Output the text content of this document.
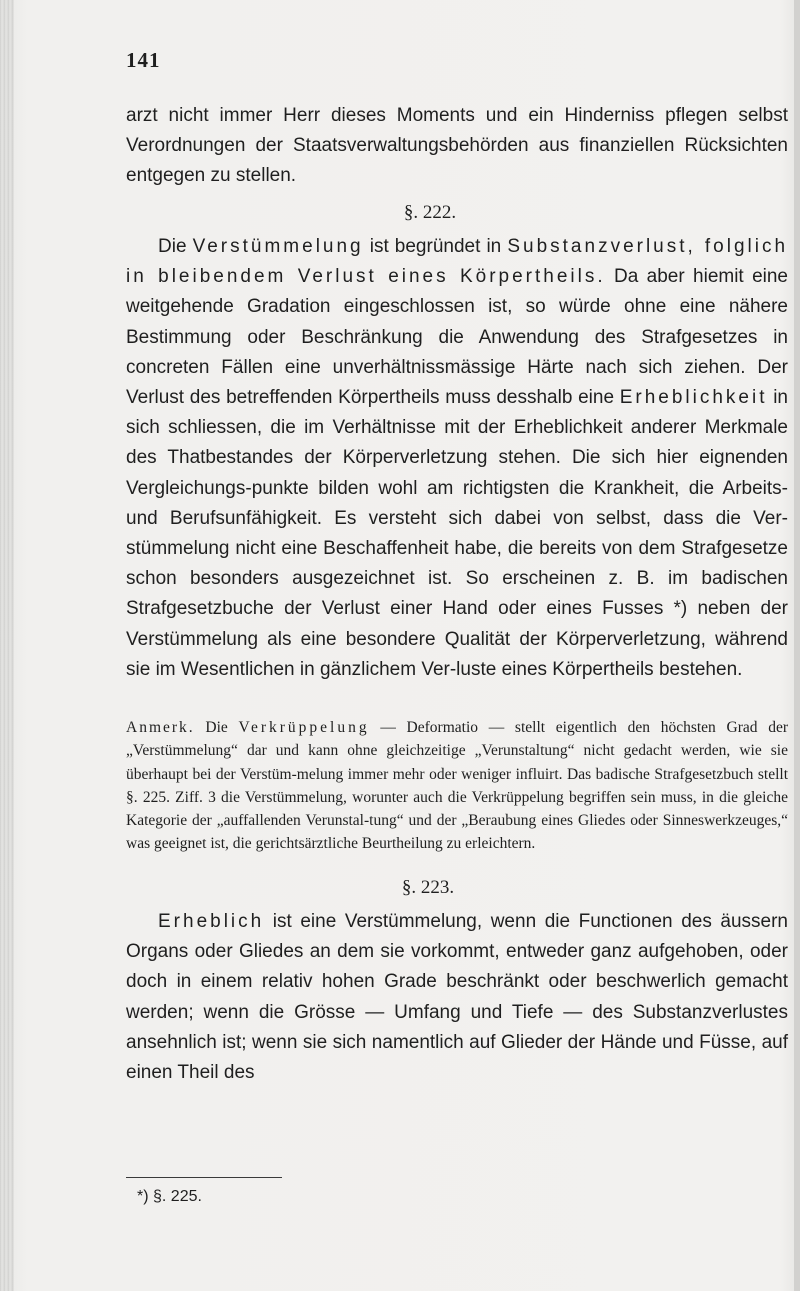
141
arzt nicht immer Herr dieses Moments und ein Hinderniss pflegen selbst Verordnungen der Staatsverwaltungsbehörden aus finanziellen Rücksichten entgegen zu stellen.
§. 222.
Die Verstümmelung ist begründet in Substanzverlust, folglich in bleibendem Verlust eines Körpertheils. Da aber hiemit eine weitgehende Gradation eingeschlossen ist, so würde ohne eine nähere Bestimmung oder Beschränkung die Anwendung des Strafgesetzes in concreten Fällen eine unverhältnissmässige Härte nach sich ziehen. Der Verlust des betreffenden Körpertheils muss desshalb eine Erheblichkeit in sich schliessen, die im Verhältnisse mit der Erheblichkeit anderer Merkmale des Thatbestandes der Körperverletzung stehen. Die sich hier eignenden Vergleichungs-punkte bilden wohl am richtigsten die Krankheit, die Arbeits- und Berufsunfähigkeit. Es versteht sich dabei von selbst, dass die Ver-stümmelung nicht eine Beschaffenheit habe, die bereits von dem Strafgesetze schon besonders ausgezeichnet ist. So erscheinen z. B. im badischen Strafgesetzbuche der Verlust einer Hand oder eines Fusses *) neben der Verstümmelung als eine besondere Qualität der Körperverletzung, während sie im Wesentlichen in gänzlichem Ver-luste eines Körpertheils bestehen.
Anmerk. Die Verkrüppelung — Deformatio — stellt eigentlich den höchsten Grad der „Verstümmelung“ dar und kann ohne gleichzeitige „Verunstaltung“ nicht gedacht werden, wie sie überhaupt bei der Verstüm-melung immer mehr oder weniger influirt. Das badische Strafgesetzbuch stellt §. 225. Ziff. 3 die Verstümmelung, worunter auch die Verkrüppelung begriffen sein muss, in die gleiche Kategorie der „auffallenden Verunstal-tung“ und der „Beraubung eines Gliedes oder Sinneswerkzeuges,“ was geeignet ist, die gerichtsärztliche Beurtheilung zu erleichtern.
§. 223.
Erheblich ist eine Verstümmelung, wenn die Functionen des äussern Organs oder Gliedes an dem sie vorkommt, entweder ganz aufgehoben, oder doch in einem relativ hohen Grade beschränkt oder beschwerlich gemacht werden; wenn die Grösse — Umfang und Tiefe — des Substanzverlustes ansehnlich ist; wenn sie sich namentlich auf Glieder der Hände und Füsse, auf einen Theil des
*) §. 225.
